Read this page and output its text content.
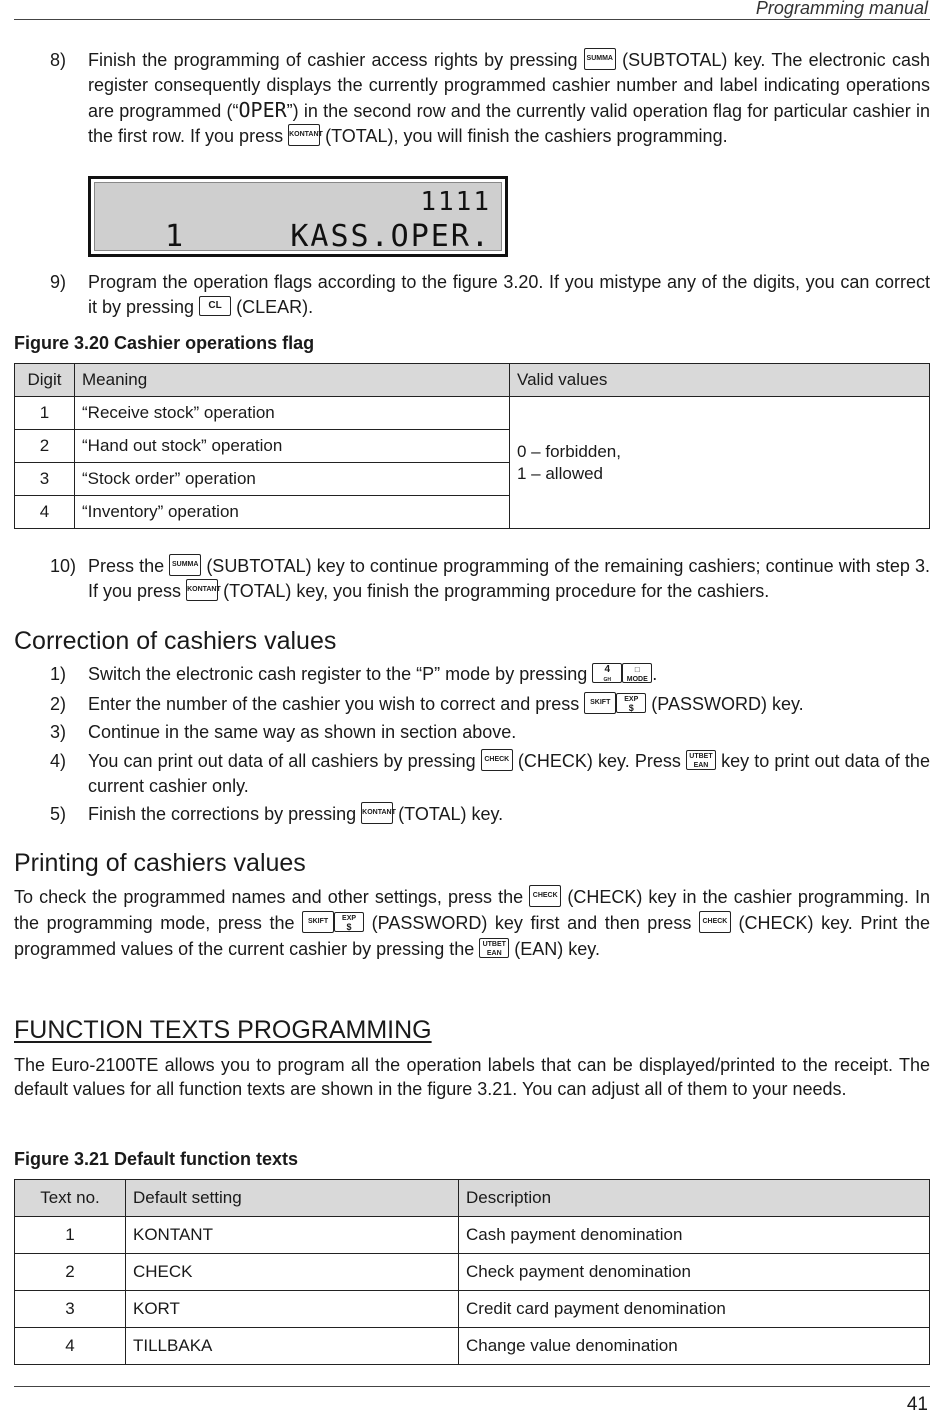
Programming manual
8) Finish the programming of cashier access rights by pressing SUMMA (SUBTOTAL) key. The electronic cash register consequently displays the currently programmed cashier number and label indicating operations are programmed (“OPER”) in the second row and the currently valid operation flag for particular cashier in the first row. If you press KONTANT (TOTAL), you will finish the cashiers programming.
1111
1	KASS.OPER.
9) Program the operation flags according to the figure 3.20. If you mistype any of the digits, you can correct it by pressing CL (CLEAR).
Figure 3.20 Cashier operations flag
Digit	Meaning	Valid values
1	“Receive stock” operation	0 – forbidden,
1 – allowed

2	“Hand out stock” operation	
3	“Stock order” operation	
4	“Inventory” operation	
10) Press the SUMMA (SUBTOTAL) key to continue programming of the remaining cashiers; continue with step 3. If you press KONTANT (TOTAL) key, you finish the programming procedure for the cashiers.
Correction of cashiers values
1) Switch the electronic cash register to the “P” mode by pressing 4
GH□
MODE .
2) Enter the number of the cashier you wish to correct and press SKIFT EXP
$ (PASSWORD) key.
3) Continue in the same way as shown in section above.
4) You can print out data of all cashiers by pressing CHECK (CHECK) key. Press UTBET
EAN key to print out data of the current cashier only.
5) Finish the corrections by pressing KONTANT (TOTAL) key.
Printing of cashiers values
To check the programmed names and other settings, press the CHECK (CHECK) key in the cashier programming. In the programming mode, press the SKIFT EXP
$ (PASSWORD) key first and then press CHECK (CHECK) key. Print the programmed values of the current cashier by pressing the UTBET
EAN (EAN) key.
FUNCTION TEXTS PROGRAMMING
The Euro-2100TE allows you to program all the operation labels that can be displayed/printed to the receipt. The default values for all function texts are shown in the figure 3.21. You can adjust all of them to your needs.
Figure 3.21 Default function texts
Text no.	Default setting	Description
1	KONTANT	Cash payment denomination
2	CHECK	Check payment denomination
3	KORT	Credit card payment denomination
4	TILLBAKA	Change value denomination
41
